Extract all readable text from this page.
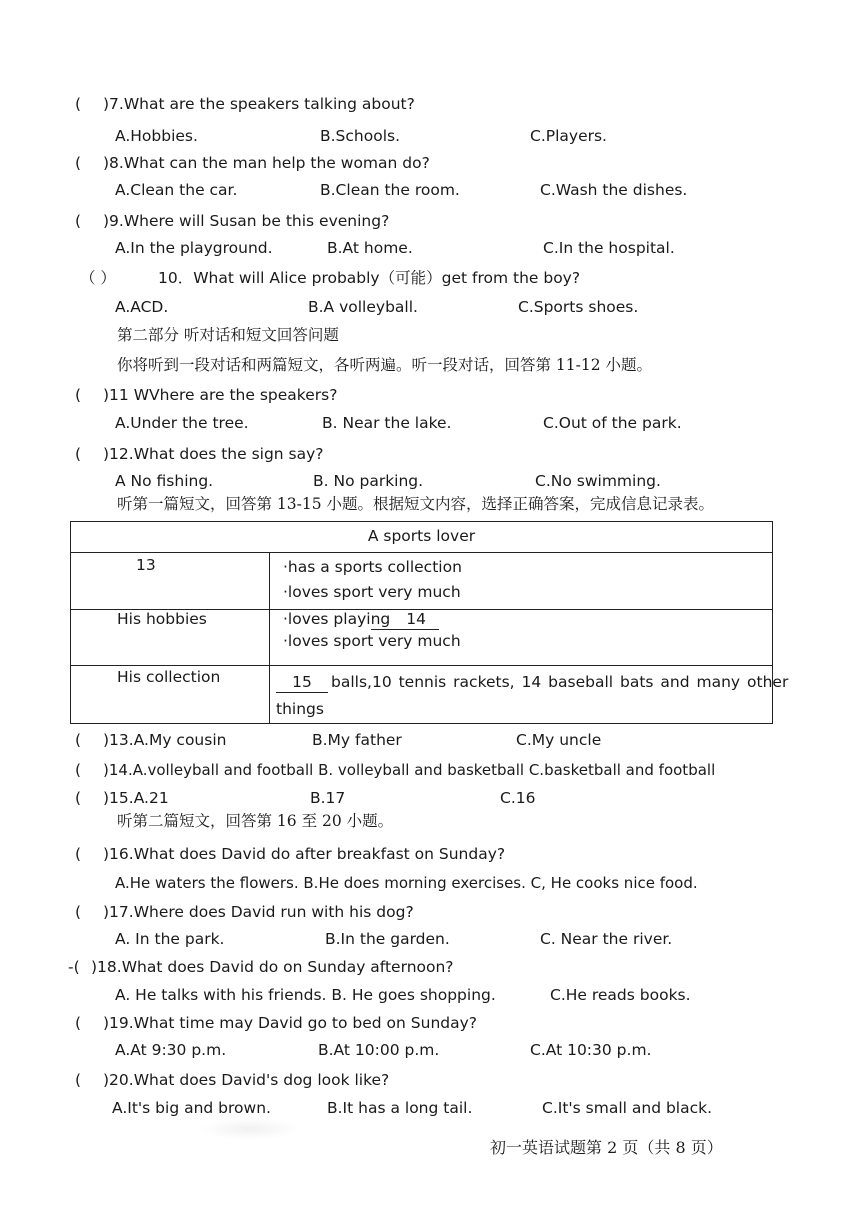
( )7.What are the speakers talking about?
A.Hobbies.	B.Schools.	C.Players.
( )8.What can the man help the woman do?
A.Clean the car.	B.Clean the room.	C.Wash the dishes.
( )9.Where will Susan be this evening?
A.In the playground.	B.At home.	C.In the hospital.
（ ）	10．What will Alice probably（可能）get from the boy?
A.ACD.	B.A volleyball.	C.Sports shoes.
第二部分 听对话和短文回答问题
你将听到一段对话和两篇短文，各听两遍。听一段对话，回答第 11-12 小题。
( )11 WVhere are the speakers?
A.Under the tree.	B. Near the lake.	C.Out of the park.
( )12.What does the sign say?
A No fishing.	B. No parking.	C.No swimming.
听第一篇短文，回答第 13-15 小题。根据短文内容，选择正确答案，完成信息记录表。
A sports lover
13	·has a sports collection
·loves sport very much
His hobbies	·loves playing 14
·loves sport very much
His collection	15 balls,10 tennis rackets, 14 baseball bats and many other
things
( )13.A.My cousin	B.My father	C.My uncle
( )14.A.volleyball and football B. volleyball and basketball C.basketball and football
( )15.A.21	B.17	C.16
听第二篇短文，回答第 16 至 20 小题。
( )16.What does David do after breakfast on Sunday?
A.He waters the flowers. B.He does morning exercises. C, He cooks nice food.
( )17.Where does David run with his dog?
A. In the park.	B.In the garden.	C. Near the river.
-( )18.What does David do on Sunday afternoon?
A. He talks with his friends. B. He goes shopping.	C.He reads books.
( )19.What time may David go to bed on Sunday?
A.At 9:30 p.m.	B.At 10:00 p.m.	C.At 10:30 p.m.
( )20.What does David's dog look like?
A.It's big and brown.	B.It has a long tail.	C.It's small and black.
初一英语试题第 2 页（共 8 页）
